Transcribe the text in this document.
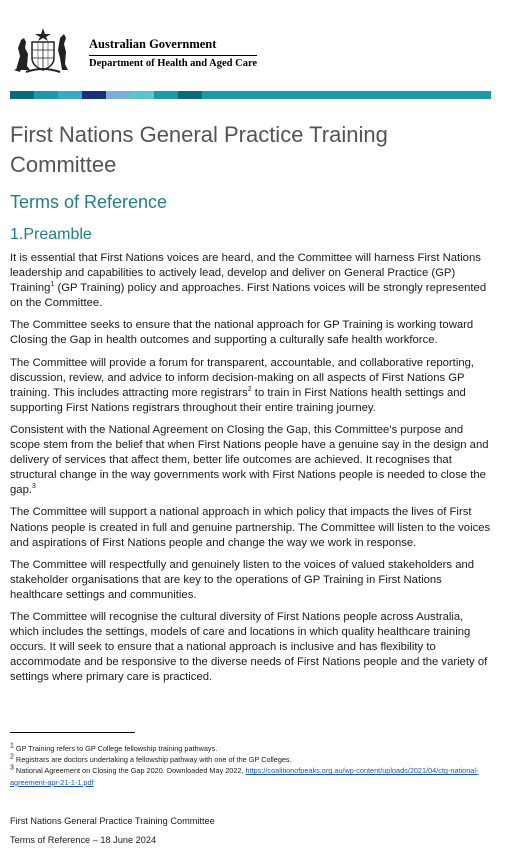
Australian Government
Department of Health and Aged Care
First Nations General Practice Training Committee
Terms of Reference
1.Preamble

It is essential that First Nations voices are heard, and the Committee will harness First Nations leadership and capabilities to actively lead, develop and deliver on General Practice (GP) Training$^1$ (GP Training) policy and approaches. First Nations voices will be strongly represented on the Committee.

The Committee seeks to ensure that the national approach for GP Training is working toward Closing the Gap in health outcomes and supporting a culturally safe health workforce.

The Committee will provide a forum for transparent, accountable, and collaborative reporting, discussion, review, and advice to inform decision-making on all aspects of First Nations GP training. This includes attracting more registrars$^2$ to train in First Nations health settings and supporting First Nations registrars throughout their entire training journey.

Consistent with the National Agreement on Closing the Gap, this Committee’s purpose and scope stem from the belief that when First Nations people have a genuine say in the design and delivery of services that affect them, better life outcomes are achieved. It recognises that structural change in the way governments work with First Nations people is needed to close the gap.$^3$

The Committee will support a national approach in which policy that impacts the lives of First Nations people is created in full and genuine partnership. The Committee will listen to the voices and aspirations of First Nations people and change the way we work in response.

The Committee will respectfully and genuinely listen to the voices of valued stakeholders and stakeholder organisations that are key to the operations of GP Training in First Nations healthcare settings and communities.

The Committee will recognise the cultural diversity of First Nations people across Australia, which includes the settings, models of care and locations in which quality healthcare training occurs. It will seek to ensure that a national approach is inclusive and has flexibility to accommodate and be responsive to the diverse needs of First Nations people and the variety of settings where primary care is practiced.

$^1$ GP Training refers to GP College fellowship training pathways.
$^2$ Registrars are doctors undertaking a fellowship pathway with one of the GP Colleges.
$^3$ National Agreement on Closing the Gap 2020. Downloaded May 2022, https://coalitionofpeaks.org.au/wp-content/uploads/2021/04/ctg-national-agreement-apr-21-1-1.pdf
First Nations General Practice Training Committee
Terms of Reference – 18 June 2024
